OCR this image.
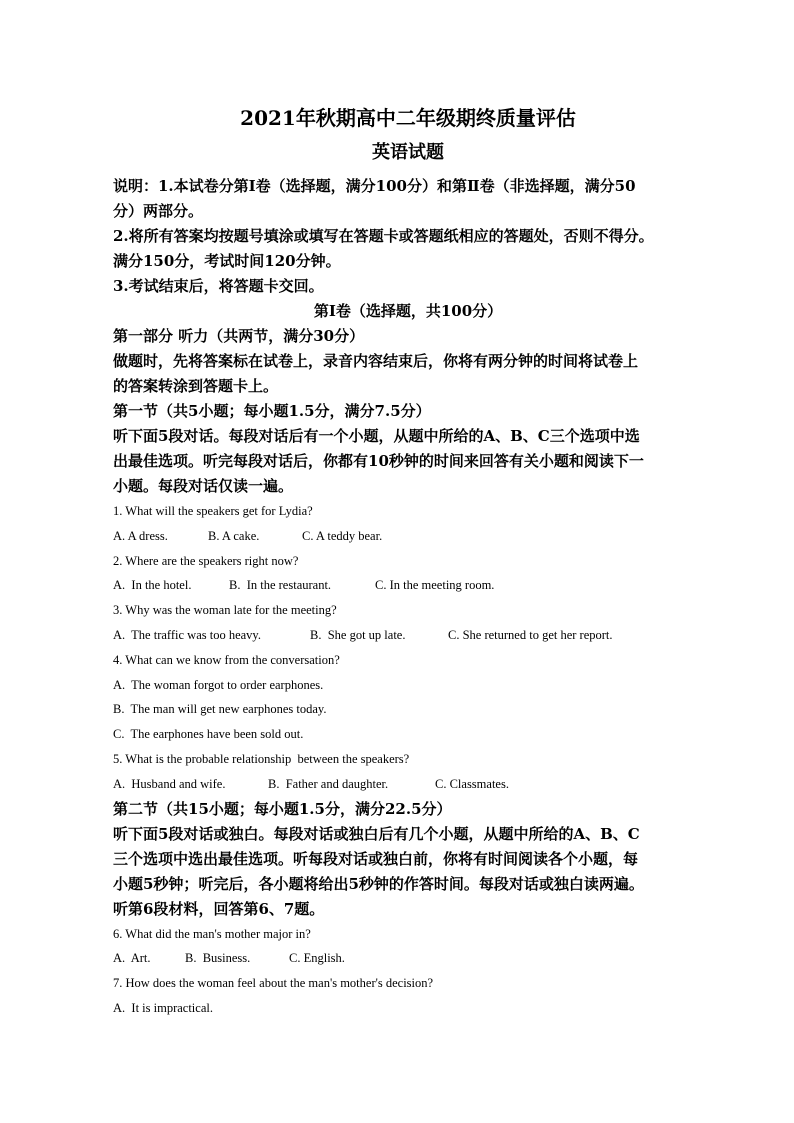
2021年秋期高中二年级期终质量评估

英语试题

说明：1.本试卷分第Ⅰ卷（选择题，满分100分）和第Ⅱ卷（非选择题，满分50

分）两部分。

2.将所有答案均按题号填涂或填写在答题卡或答题纸相应的答题处，否则不得分。

满分150分，考试时间120分钟。

3.考试结束后，将答题卡交回。

第Ⅰ卷（选择题，共100分）

第一部分 听力（共两节，满分30分）

做题时，先将答案标在试卷上，录音内容结束后，你将有两分钟的时间将试卷上

的答案转涂到答题卡上。

第一节（共5小题；每小题1.5分，满分7.5分）

听下面5段对话。每段对话后有一个小题，从题中所给的A、B、C三个选项中选

出最佳选项。听完每段对话后，你都有10秒钟的时间来回答有关小题和阅读下一

小题。每段对话仅读一遍。

1. What will the speakers get for Lydia?

A. A dress.	B. A cake.	C. A teddy bear.

2. Where are the speakers right now?

A.  In the hotel.	B.  In the restaurant.	C. In the meeting room.

3. Why was the woman late for the meeting?

A.  The traffic was too heavy.	B.  She got up late.	C. She returned to get her report.

4. What can we know from the conversation?

A.  The woman forgot to order earphones.

B.  The man will get new earphones today.

C.  The earphones have been sold out.

5. What is the probable relationship  between the speakers?

A.  Husband and wife.	B.  Father and daughter.	C. Classmates.

第二节（共15小题；每小题1.5分，满分22.5分）

听下面5段对话或独白。每段对话或独白后有几个小题，从题中所给的A、B、C

三个选项中选出最佳选项。听每段对话或独白前，你将有时间阅读各个小题，每

小题5秒钟；听完后，各小题将给出5秒钟的作答时间。每段对话或独白读两遍。

听第6段材料，回答第6、7题。

6. What did the man's mother major in?

A.  Art.	B.  Business.	C. English.

7. How does the woman feel about the man's mother's decision?

A.  It is impractical.
